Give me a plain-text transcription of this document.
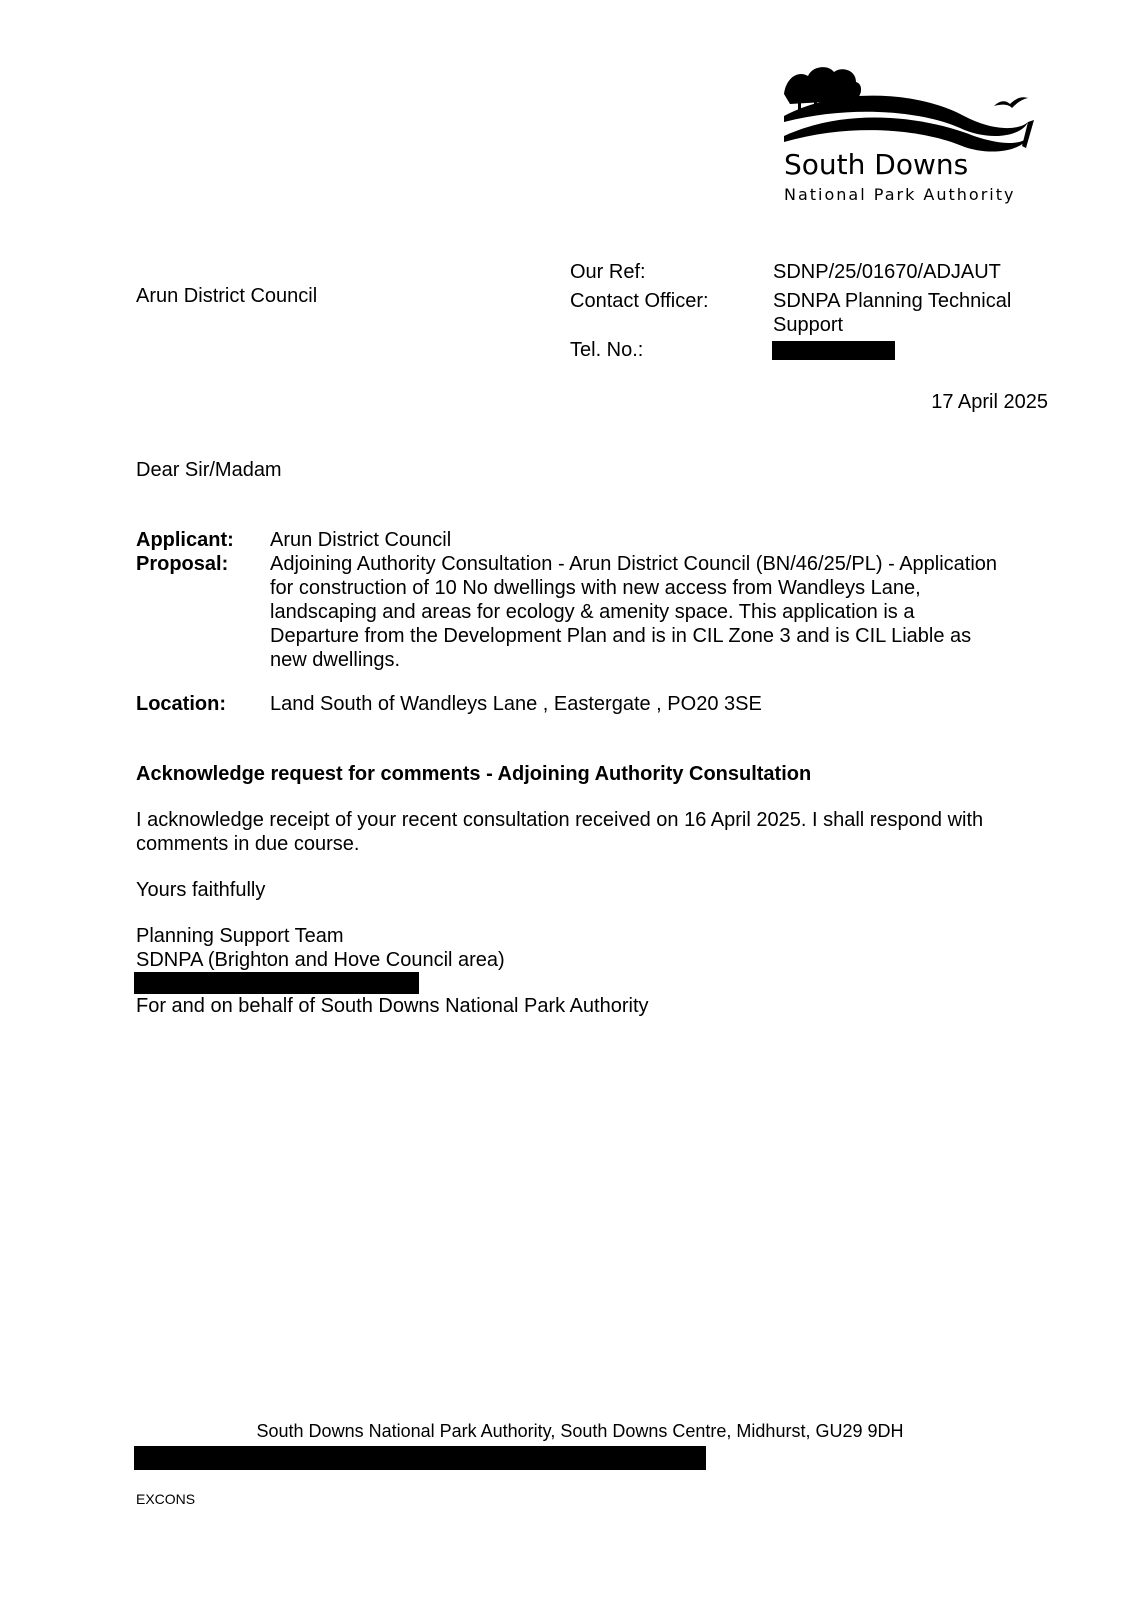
South Downs
National Park Authority
Arun District Council
Our Ref:	SDNP/25/01670/ADJAUT
Contact Officer:	SDNPA Planning Technical
Support
Tel. No.:
17 April 2025
Dear Sir/Madam
Applicant: Arun District Council
Proposal: Adjoining Authority Consultation - Arun District Council (BN/46/25/PL) - Application
for construction of 10 No dwellings with new access from Wandleys Lane,
landscaping and areas for ecology & amenity space. This application is a
Departure from the Development Plan and is in CIL Zone 3 and is CIL Liable as
new dwellings.
Location: Land South of Wandleys Lane , Eastergate , PO20 3SE
Acknowledge request for comments - Adjoining Authority Consultation
I acknowledge receipt of your recent consultation received on 16 April 2025. I shall respond with
comments in due course.
Yours faithfully
Planning Support Team
SDNPA (Brighton and Hove Council area)
For and on behalf of South Downs National Park Authority
South Downs National Park Authority, South Downs Centre, Midhurst, GU29 9DH
EXCONS
